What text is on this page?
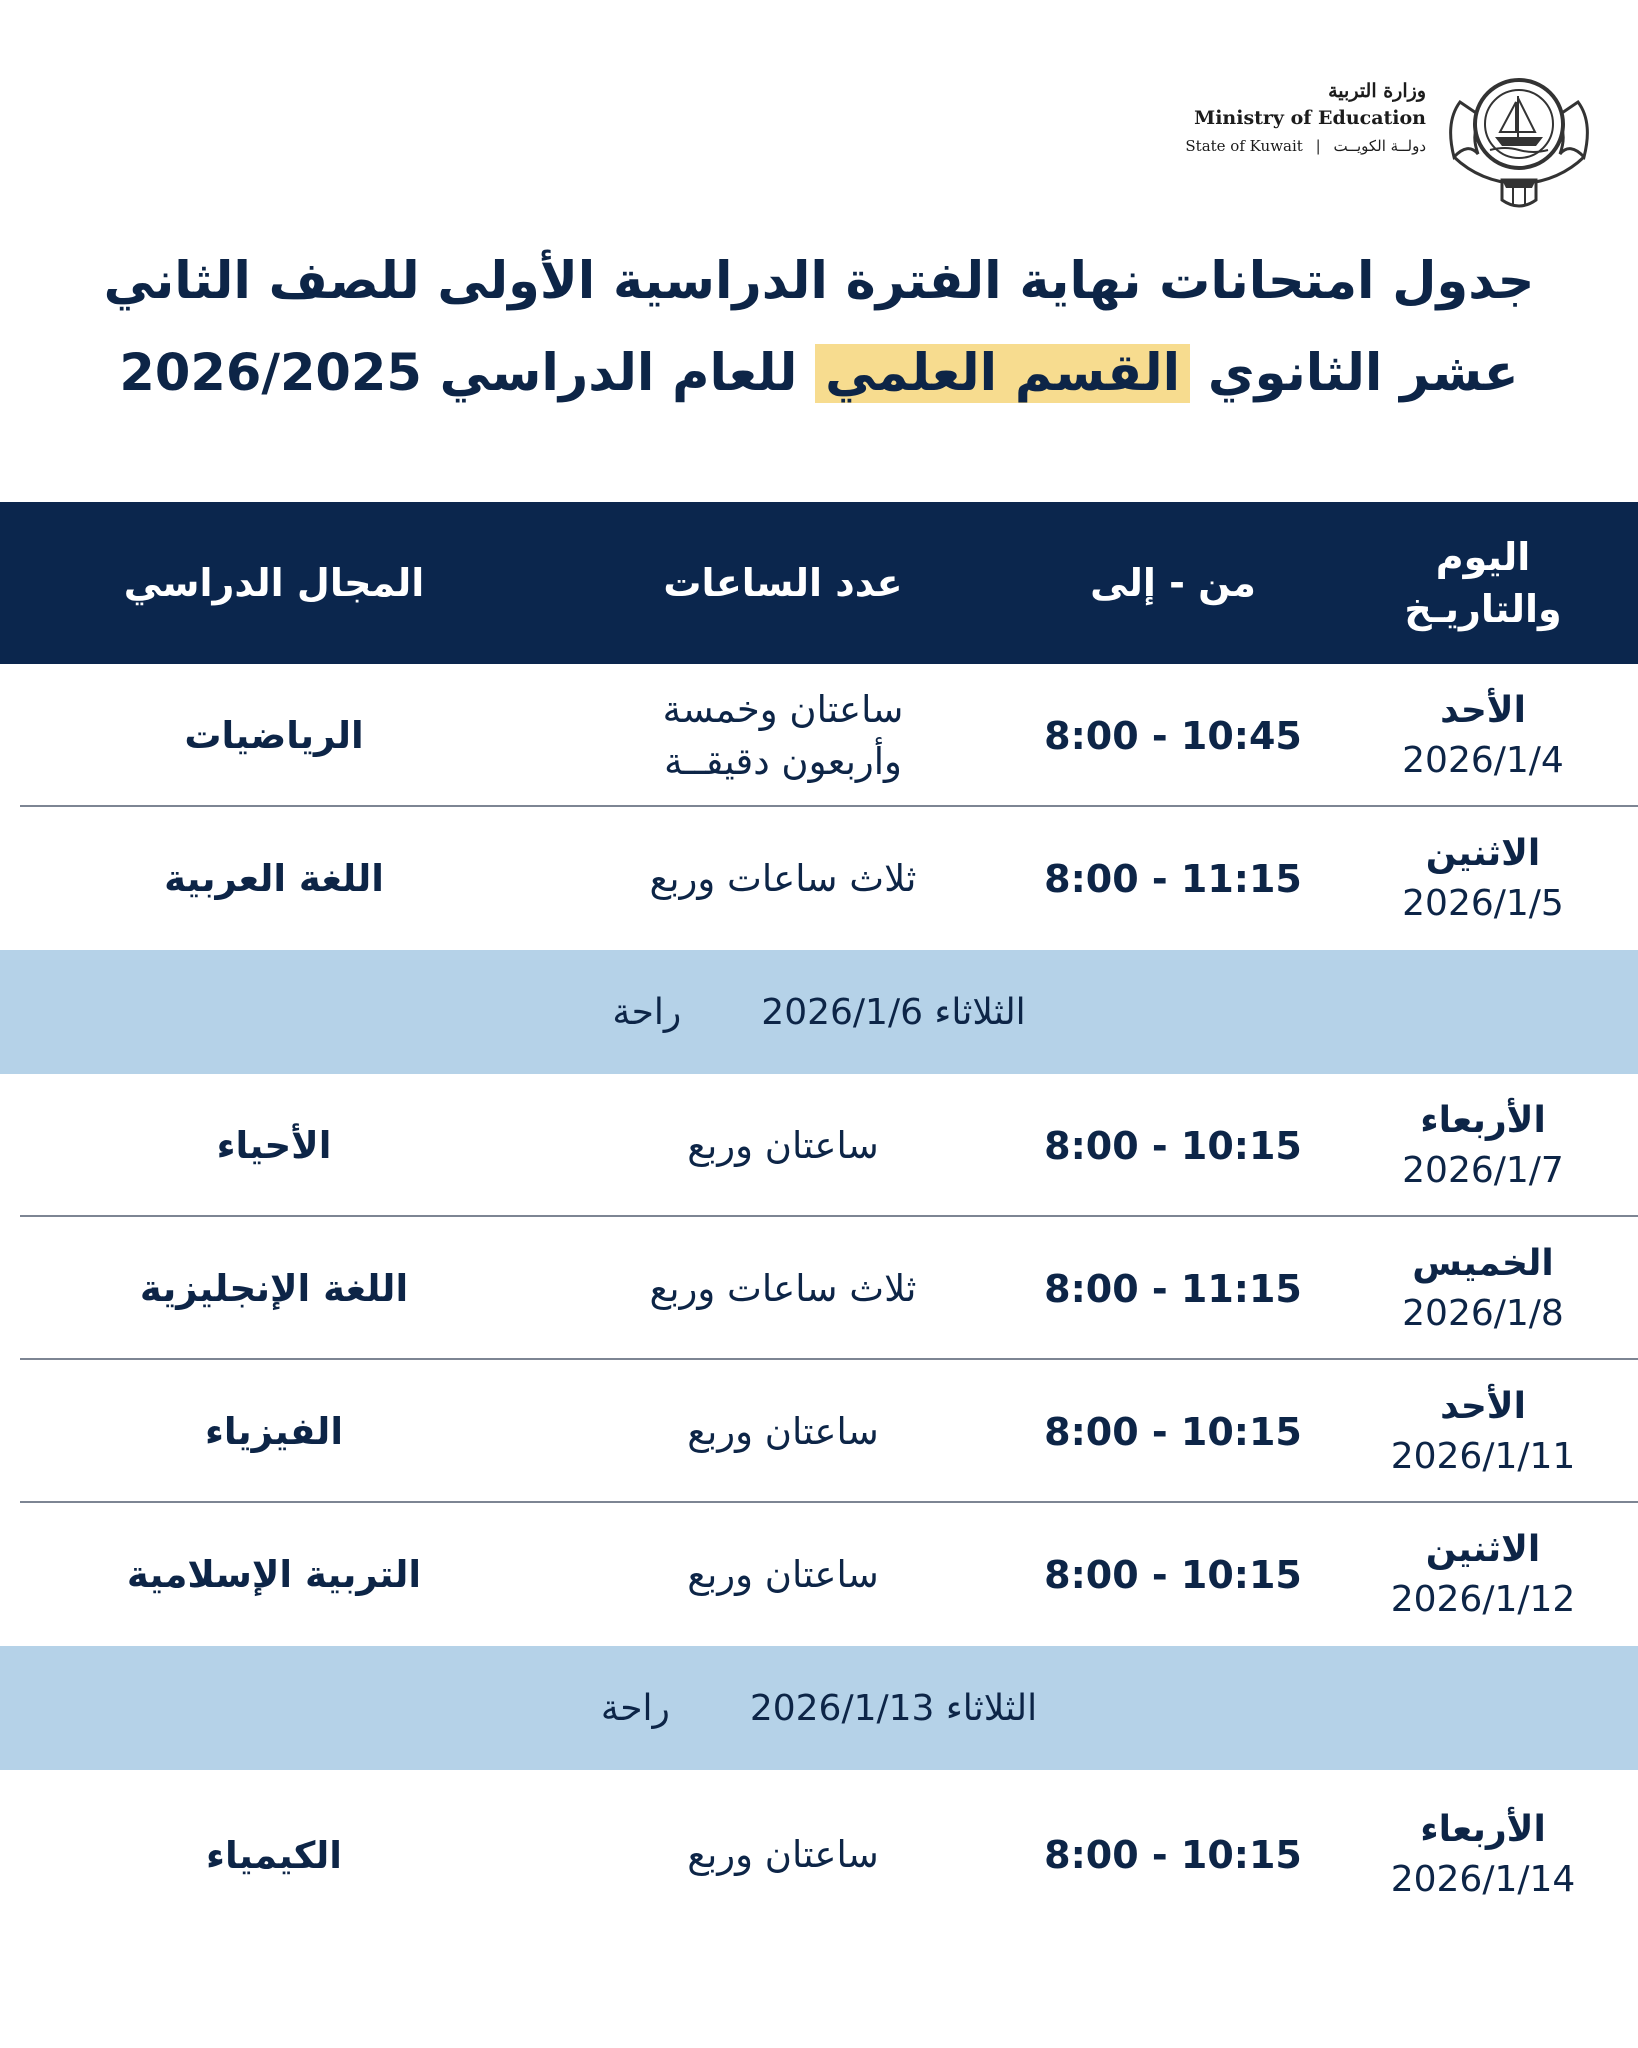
وزارة التربية
Ministry of Education
State of Kuwait | دولــة الكويــت
جدول امتحانات نهاية الفترة الدراسية الأولى للصف الثاني
عشر الثانوي القسم العلمي للعام الدراسي 2026/2025
اليوم
والتاريـخ
من - إلى
عدد الساعات
المجال الدراسي
الأحد
2026/1/4
8:00 - 10:45
ساعتان وخمسة
وأربعون دقيقــة
الرياضيات
الاثنين
2026/1/5
8:00 - 11:15
ثلاث ساعات وربع
اللغة العربية
الثلاثاء 2026/1/6
راحة
الأربعاء
2026/1/7
8:00 - 10:15
ساعتان وربع
الأحياء
الخميس
2026/1/8
8:00 - 11:15
ثلاث ساعات وربع
اللغة الإنجليزية
الأحد
2026/1/11
8:00 - 10:15
ساعتان وربع
الفيزياء
الاثنين
2026/1/12
8:00 - 10:15
ساعتان وربع
التربية الإسلامية
الثلاثاء 2026/1/13
راحة
الأربعاء
2026/1/14
8:00 - 10:15
ساعتان وربع
الكيمياء
